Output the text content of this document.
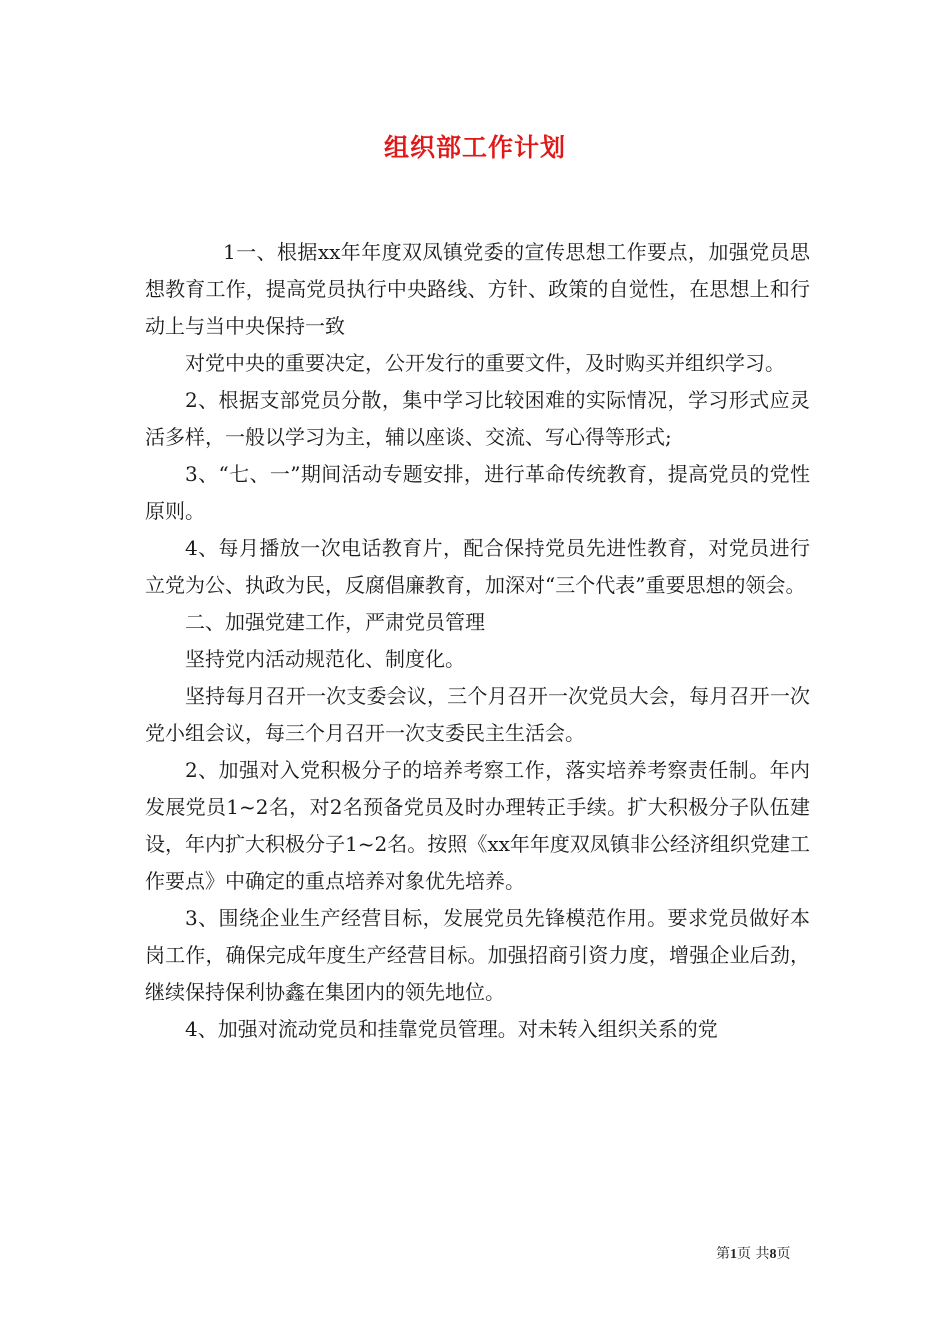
组织部工作计划

1一、根据xx年年度双凤镇党委的宣传思想工作要点，加强党员思想教育工作，提高党员执行中央路线、方针、政策的自觉性，在思想上和行动上与当中央保持一致

对党中央的重要决定，公开发行的重要文件，及时购买并组织学习。

2、根据支部党员分散，集中学习比较困难的实际情况，学习形式应灵活多样，一般以学习为主，辅以座谈、交流、写心得等形式;

3、“七、一”期间活动专题安排，进行革命传统教育，提高党员的党性原则。

4、每月播放一次电话教育片，配合保持党员先进性教育，对党员进行立党为公、执政为民，反腐倡廉教育，加深对“三个代表”重要思想的领会。

二、加强党建工作，严肃党员管理

坚持党内活动规范化、制度化。

坚持每月召开一次支委会议，三个月召开一次党员大会，每月召开一次党小组会议，每三个月召开一次支委民主生活会。

2、加强对入党积极分子的培养考察工作，落实培养考察责任制。年内发展党员1~2名，对2名预备党员及时办理转正手续。扩大积极分子队伍建设，年内扩大积极分子1~2名。按照《xx年年度双凤镇非公经济组织党建工作要点》中确定的重点培养对象优先培养。

3、围绕企业生产经营目标，发展党员先锋模范作用。要求党员做好本岗工作，确保完成年度生产经营目标。加强招商引资力度，增强企业后劲，继续保持保利协鑫在集团内的领先地位。

4、加强对流动党员和挂靠党员管理。对未转入组织关系的党

第1页 共8页
